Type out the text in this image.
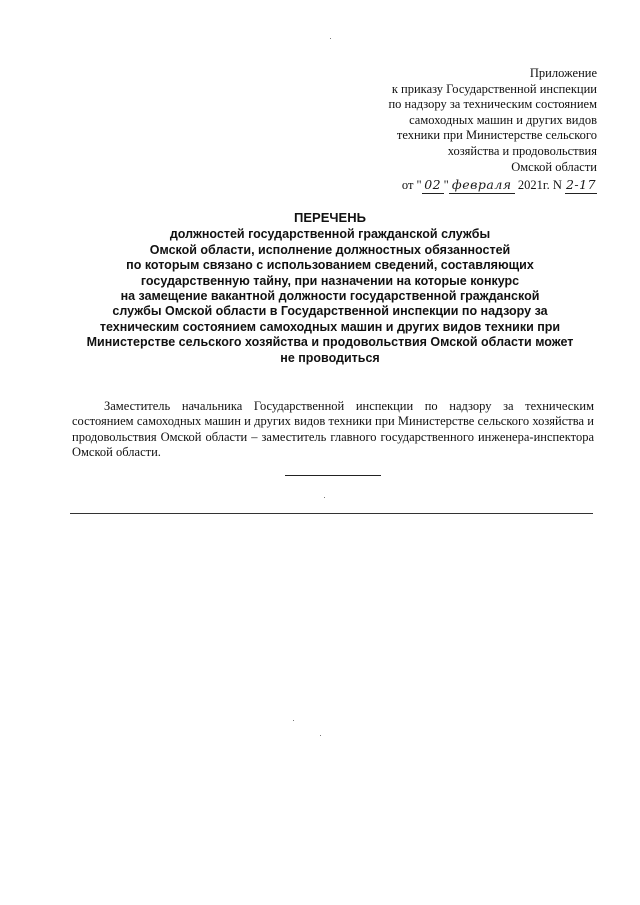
Приложение
к приказу Государственной инспекции
по надзору за техническим состоянием
самоходных машин и других видов
техники при Министерстве сельского
хозяйства и продовольствия
Омской области
от " 02 " февраля 2021г. N 2-17
ПЕРЕЧЕНЬ
должностей государственной гражданской службы
Омской области, исполнение должностных обязанностей
по которым связано с использованием сведений, составляющих
государственную тайну, при назначении на которые конкурс
на замещение вакантной должности государственной гражданской
службы Омской области в Государственной инспекции по надзору за
техническим состоянием самоходных машин и других видов техники при
Министерстве сельского хозяйства и продовольствия Омской области может
не проводиться

Заместитель начальника Государственной инспекции по надзору за техническим состоянием самоходных машин и других видов техники при Министерстве сельского хозяйства и продовольствия Омской области – заместитель главного государственного инженера-инспектора Омской области.
